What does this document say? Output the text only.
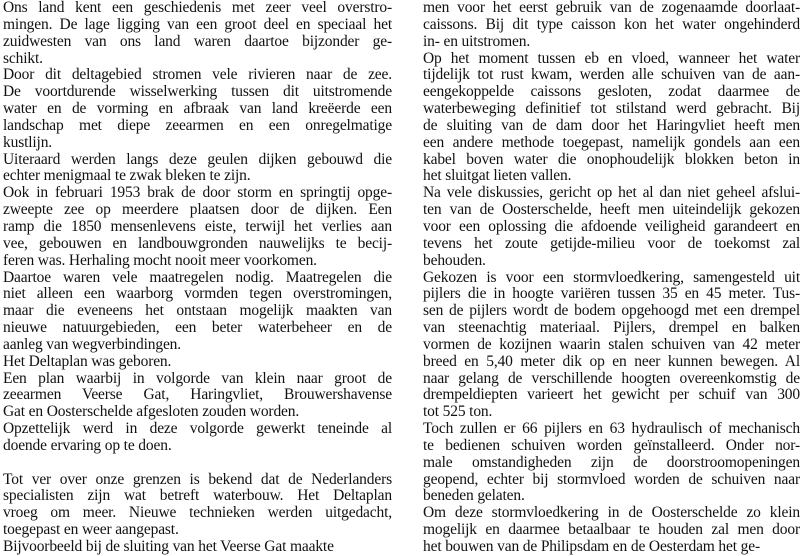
Ons land kent een geschiedenis met zeer veel overstro-
mingen. De lage ligging van een groot deel en speciaal het
zuidwesten van ons land waren daartoe bijzonder ge-
schikt.
Door dit deltagebied stromen vele rivieren naar de zee.
De voortdurende wisselwerking tussen dit uitstromende
water en de vorming en afbraak van land kreëerde een
landschap met diepe zeearmen en een onregelmatige
kustlijn.
Uiteraard werden langs deze geulen dijken gebouwd die
echter menigmaal te zwak bleken te zijn.
Ook in februari 1953 brak de door storm en springtij opge-
zweepte zee op meerdere plaatsen door de dijken. Een
ramp die 1850 mensenlevens eiste, terwijl het verlies aan
vee, gebouwen en landbouwgronden nauwelijks te becij-
feren was. Herhaling mocht nooit meer voorkomen.
Daartoe waren vele maatregelen nodig. Maatregelen die
niet alleen een waarborg vormden tegen overstromingen,
maar die eveneens het ontstaan mogelijk maakten van
nieuwe natuurgebieden, een beter waterbeheer en de
aanleg van wegverbindingen.
Het Deltaplan was geboren.
Een plan waarbij in volgorde van klein naar groot de
zeearmen Veerse Gat, Haringvliet, Brouwershavense
Gat en Oosterschelde afgesloten zouden worden.
Opzettelijk werd in deze volgorde gewerkt teneinde al
doende ervaring op te doen.
Tot ver over onze grenzen is bekend dat de Nederlanders
specialisten zijn wat betreft waterbouw. Het Deltaplan
vroeg om meer. Nieuwe technieken werden uitgedacht,
toegepast en weer aangepast.
Bijvoorbeeld bij de sluiting van het Veerse Gat maakte
men voor het eerst gebruik van de zogenaamde doorlaat-
caissons. Bij dit type caisson kon het water ongehinderd
in- en uitstromen.
Op het moment tussen eb en vloed, wanneer het water
tijdelijk tot rust kwam, werden alle schuiven van de aan-
eengekoppelde caissons gesloten, zodat daarmee de
waterbeweging definitief tot stilstand werd gebracht. Bij
de sluiting van de dam door het Haringvliet heeft men
een andere methode toegepast, namelijk gondels aan een
kabel boven water die onophoudelijk blokken beton in
het sluitgat lieten vallen.
Na vele diskussies, gericht op het al dan niet geheel afslui-
ten van de Oosterschelde, heeft men uiteindelijk gekozen
voor een oplossing die afdoende veiligheid garandeert en
tevens het zoute getijde-milieu voor de toekomst zal
behouden.
Gekozen is voor een stormvloedkering, samengesteld uit
pijlers die in hoogte variëren tussen 35 en 45 meter. Tus-
sen de pijlers wordt de bodem opgehoogd met een drempel
van steenachtig materiaal. Pijlers, drempel en balken
vormen de kozijnen waarin stalen schuiven van 42 meter
breed en 5,40 meter dik op en neer kunnen bewegen. Al
naar gelang de verschillende hoogten overeenkomstig de
drempeldiepten varieert het gewicht per schuif van 300
tot 525 ton.
Toch zullen er 66 pijlers en 63 hydraulisch of mechanisch
te bedienen schuiven worden geïnstalleerd. Onder nor-
male omstandigheden zijn de doorstroomopeningen
geopend, echter bij stormvloed worden de schuiven naar
beneden gelaten.
Om deze stormvloedkering in de Oosterschelde zo klein
mogelijk en daarmee betaalbaar te houden zal men door
het bouwen van de Philipsdam en de Oesterdam het ge-
